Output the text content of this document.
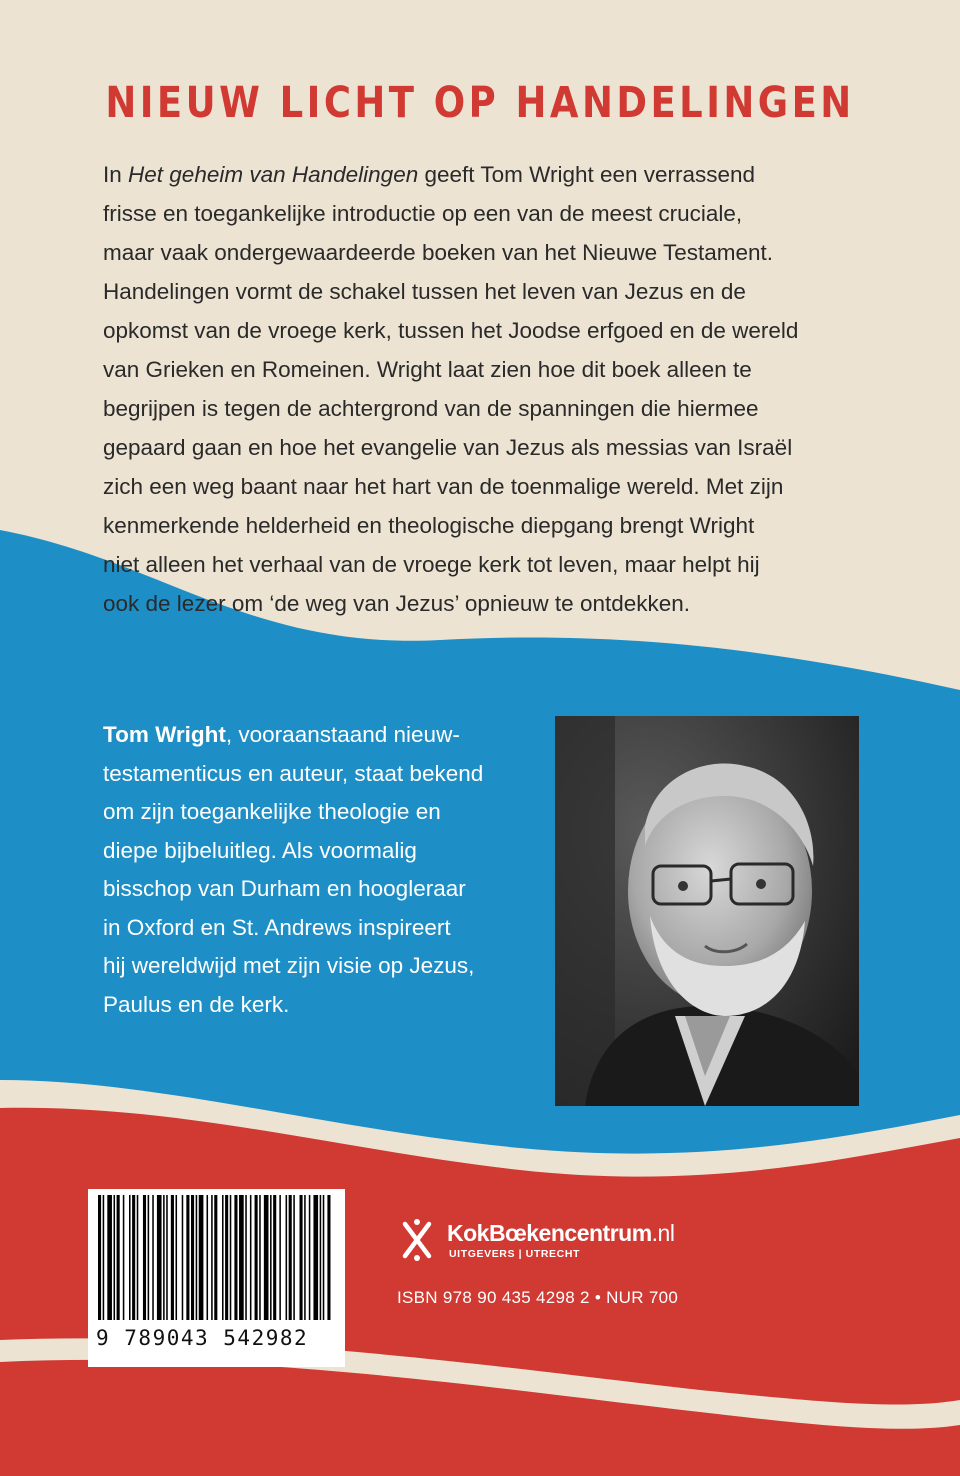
NIEUW LICHT OP HANDELINGEN
In Het geheim van Handelingen geeft Tom Wright een verrassend
frisse en toegankelijke introductie op een van de meest cruciale,
maar vaak ondergewaardeerde boeken van het Nieuwe Testament.
Handelingen vormt de schakel tussen het leven van Jezus en de
opkomst van de vroege kerk, tussen het Joodse erfgoed en de wereld
van Grieken en Romeinen. Wright laat zien hoe dit boek alleen te
begrijpen is tegen de achtergrond van de spanningen die hiermee
gepaard gaan en hoe het evangelie van Jezus als messias van Israël
zich een weg baant naar het hart van de toenmalige wereld. Met zijn
kenmerkende helderheid en theologische diepgang brengt Wright
niet alleen het verhaal van de vroege kerk tot leven, maar helpt hij
ook de lezer om ‘de weg van Jezus’ opnieuw te ontdekken.
Tom Wright, vooraanstaand nieuw-
testamenticus en auteur, staat bekend
om zijn toegankelijke theologie en
diepe bijbeluitleg. Als voormalig
bisschop van Durham en hoogleraar
in Oxford en St. Andrews inspireert
hij wereldwijd met zijn visie op Jezus,
Paulus en de kerk.
9 789043 542982
KokBœkencentrum.nl
UITGEVERS | UTRECHT
ISBN 978 90 435 4298 2 • NUR 700
